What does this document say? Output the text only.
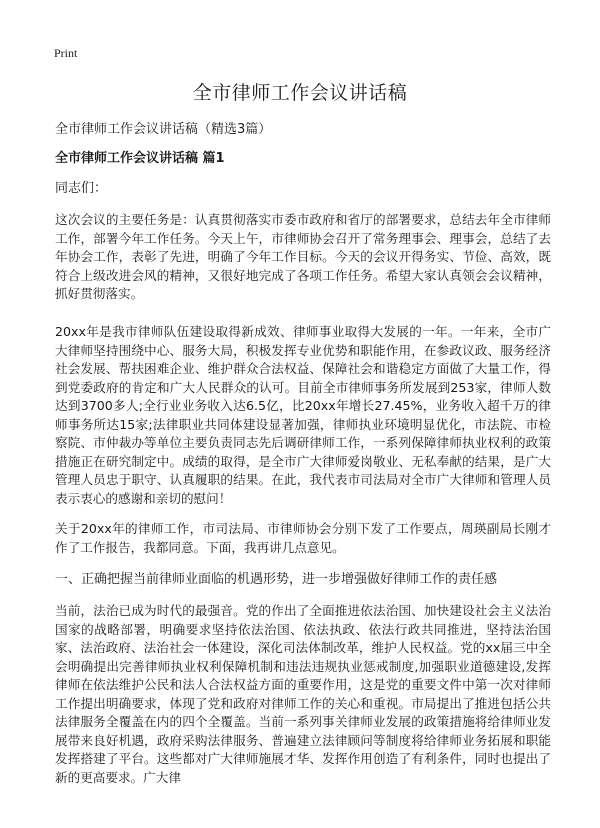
Print
全市律师工作会议讲话稿

全市律师工作会议讲话稿（精选3篇）

全市律师工作会议讲话稿 篇1

同志们：

这次会议的主要任务是：认真贯彻落实市委市政府和省厅的部署要求，总结去年全市律师工作，部署今年工作任务。今天上午，市律师协会召开了常务理事会、理事会，总结了去年协会工作，表彰了先进，明确了今年工作目标。今天的会议开得务实、节俭、高效，既符合上级改进会风的精神，又很好地完成了各项工作任务。希望大家认真领会会议精神，抓好贯彻落实。

20xx年是我市律师队伍建设取得新成效、律师事业取得大发展的一年。一年来，全市广大律师坚持围绕中心、服务大局，积极发挥专业优势和职能作用，在参政议政、服务经济社会发展、帮扶困难企业、维护群众合法权益、保障社会和谐稳定方面做了大量工作，得到党委政府的肯定和广大人民群众的认可。目前全市律师事务所发展到253家，律师人数达到3700多人;全行业业务收入达6.5亿，比20xx年增长27.45%，业务收入超千万的律师事务所达15家;法律职业共同体建设显著加强，律师执业环境明显优化，市法院、市检察院、市仲裁办等单位主要负责同志先后调研律师工作，一系列保障律师执业权利的政策措施正在研究制定中。成绩的取得，是全市广大律师爱岗敬业、无私奉献的结果，是广大管理人员忠于职守、认真履职的结果。在此，我代表市司法局对全市广大律师和管理人员表示衷心的感谢和亲切的慰问！

关于20xx年的律师工作，市司法局、市律师协会分别下发了工作要点，周瑛副局长刚才作了工作报告，我都同意。下面，我再讲几点意见。

一、正确把握当前律师业面临的机遇形势，进一步增强做好律师工作的责任感

当前，法治已成为时代的最强音。党的作出了全面推进依法治国、加快建设社会主义法治国家的战略部署，明确要求坚持依法治国、依法执政、依法行政共同推进，坚持法治国家、法治政府、法治社会一体建设，深化司法体制改革，维护人民权益。党的xx届三中全会明确提出完善律师执业权利保障机制和违法违规执业惩戒制度,加强职业道德建设,发挥律师在依法维护公民和法人合法权益方面的重要作用，这是党的重要文件中第一次对律师工作提出明确要求，体现了党和政府对律师工作的关心和重视。市局提出了推进包括公共法律服务全覆盖在内的四个全覆盖。当前一系列事关律师业发展的政策措施将给律师业发展带来良好机遇，政府采购法律服务、普遍建立法律顾问等制度将给律师业务拓展和职能发挥搭建了平台。这些都对广大律师施展才华、发挥作用创造了有利条件，同时也提出了新的更高要求。广大律
